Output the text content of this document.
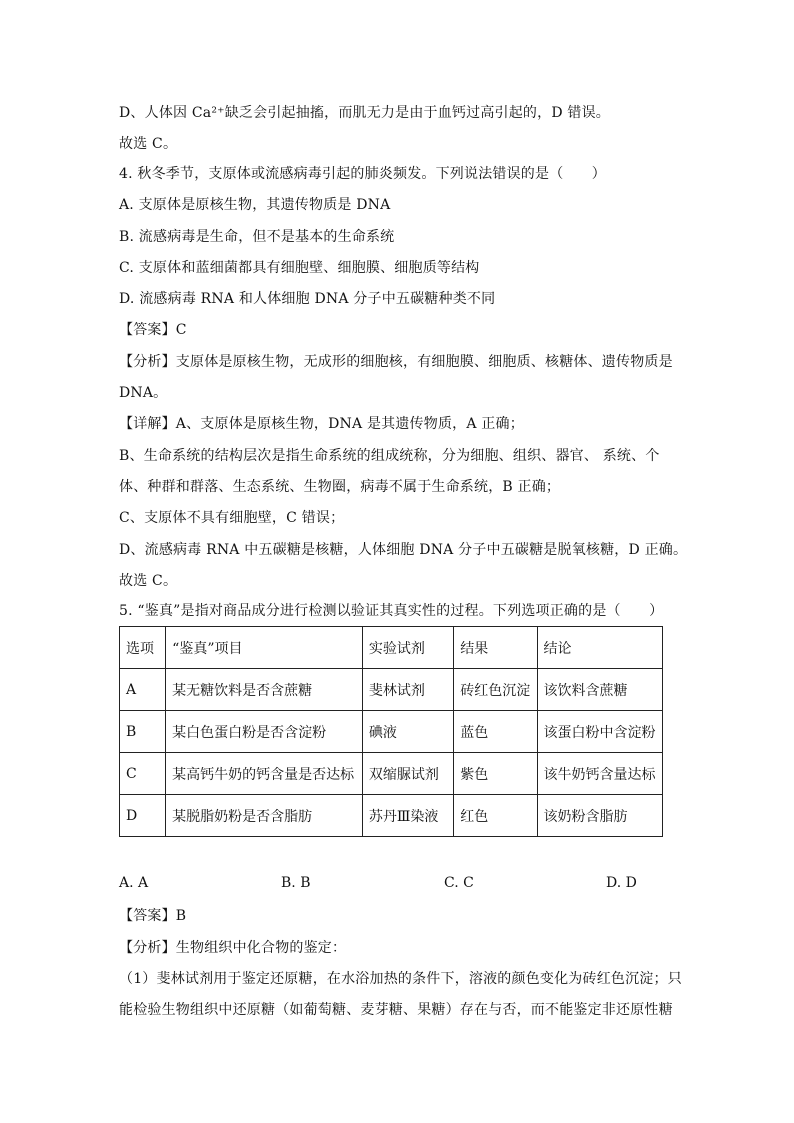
D、人体因 Ca²⁺缺乏会引起抽搐，而肌无力是由于血钙过高引起的，D 错误。
故选 C。
4. 秋冬季节，支原体或流感病毒引起的肺炎频发。下列说法错误的是（　　）
A. 支原体是原核生物，其遗传物质是 DNA
B. 流感病毒是生命，但不是基本的生命系统
C. 支原体和蓝细菌都具有细胞壁、细胞膜、细胞质等结构
D. 流感病毒 RNA 和人体细胞 DNA 分子中五碳糖种类不同
【答案】C
【分析】支原体是原核生物，无成形的细胞核，有细胞膜、细胞质、核糖体、遗传物质是
DNA。
【详解】A、支原体是原核生物，DNA 是其遗传物质，A 正确；
B、生命系统的结构层次是指生命系统的组成统称，分为细胞、组织、器官、 系统、个
体、种群和群落、生态系统、生物圈，病毒不属于生命系统，B 正确；
C、支原体不具有细胞壁，C 错误；
D、流感病毒 RNA 中五碳糖是核糖，人体细胞 DNA 分子中五碳糖是脱氧核糖，D 正确。
故选 C。
5. “鉴真”是指对商品成分进行检测以验证其真实性的过程。下列选项正确的是（　　）
选项	“鉴真”项目	实验试剂	结果	结论
A	某无糖饮料是否含蔗糖	斐林试剂	砖红色沉淀	该饮料含蔗糖
B	某白色蛋白粉是否含淀粉	碘液	蓝色	该蛋白粉中含淀粉
C	某高钙牛奶的钙含量是否达标	双缩脲试剂	紫色	该牛奶钙含量达标
D	某脱脂奶粉是否含脂肪	苏丹Ⅲ染液	红色	该奶粉含脂肪
A. A	B. B	C. C	D. D
【答案】B
【分析】生物组织中化合物的鉴定：
（1）斐林试剂用于鉴定还原糖，在水浴加热的条件下，溶液的颜色变化为砖红色沉淀；只
能检验生物组织中还原糖（如葡萄糖、麦芽糖、果糖）存在与否，而不能鉴定非还原性糖
